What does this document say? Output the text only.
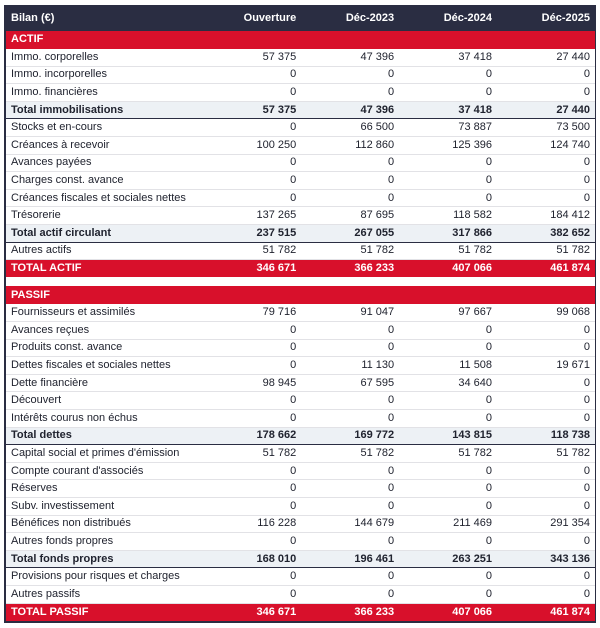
Bilan (€)	Ouverture	Déc-2023	Déc-2024	Déc-2025
ACTIF				
Immo. corporelles	57 375	47 396	37 418	27 440
Immo. incorporelles	0	0	0	0
Immo. financières	0	0	0	0
Total immobilisations	57 375	47 396	37 418	27 440
Stocks et en-cours	0	66 500	73 887	73 500
Créances à recevoir	100 250	112 860	125 396	124 740
Avances payées	0	0	0	0
Charges const. avance	0	0	0	0
Créances fiscales et sociales nettes	0	0	0	0
Trésorerie	137 265	87 695	118 582	184 412
Total actif circulant	237 515	267 055	317 866	382 652
Autres actifs	51 782	51 782	51 782	51 782
TOTAL ACTIF	346 671	366 233	407 066	461 874

PASSIF				
Fournisseurs et assimilés	79 716	91 047	97 667	99 068
Avances reçues	0	0	0	0
Produits const. avance	0	0	0	0
Dettes fiscales et sociales nettes	0	11 130	11 508	19 671
Dette financière	98 945	67 595	34 640	0
Découvert	0	0	0	0
Intérêts courus non échus	0	0	0	0
Total dettes	178 662	169 772	143 815	118 738
Capital social et primes d'émission	51 782	51 782	51 782	51 782
Compte courant d'associés	0	0	0	0
Réserves	0	0	0	0
Subv. investissement	0	0	0	0
Bénéfices non distribués	116 228	144 679	211 469	291 354
Autres fonds propres	0	0	0	0
Total fonds propres	168 010	196 461	263 251	343 136
Provisions pour risques et charges	0	0	0	0
Autres passifs	0	0	0	0
TOTAL PASSIF	346 671	366 233	407 066	461 874
